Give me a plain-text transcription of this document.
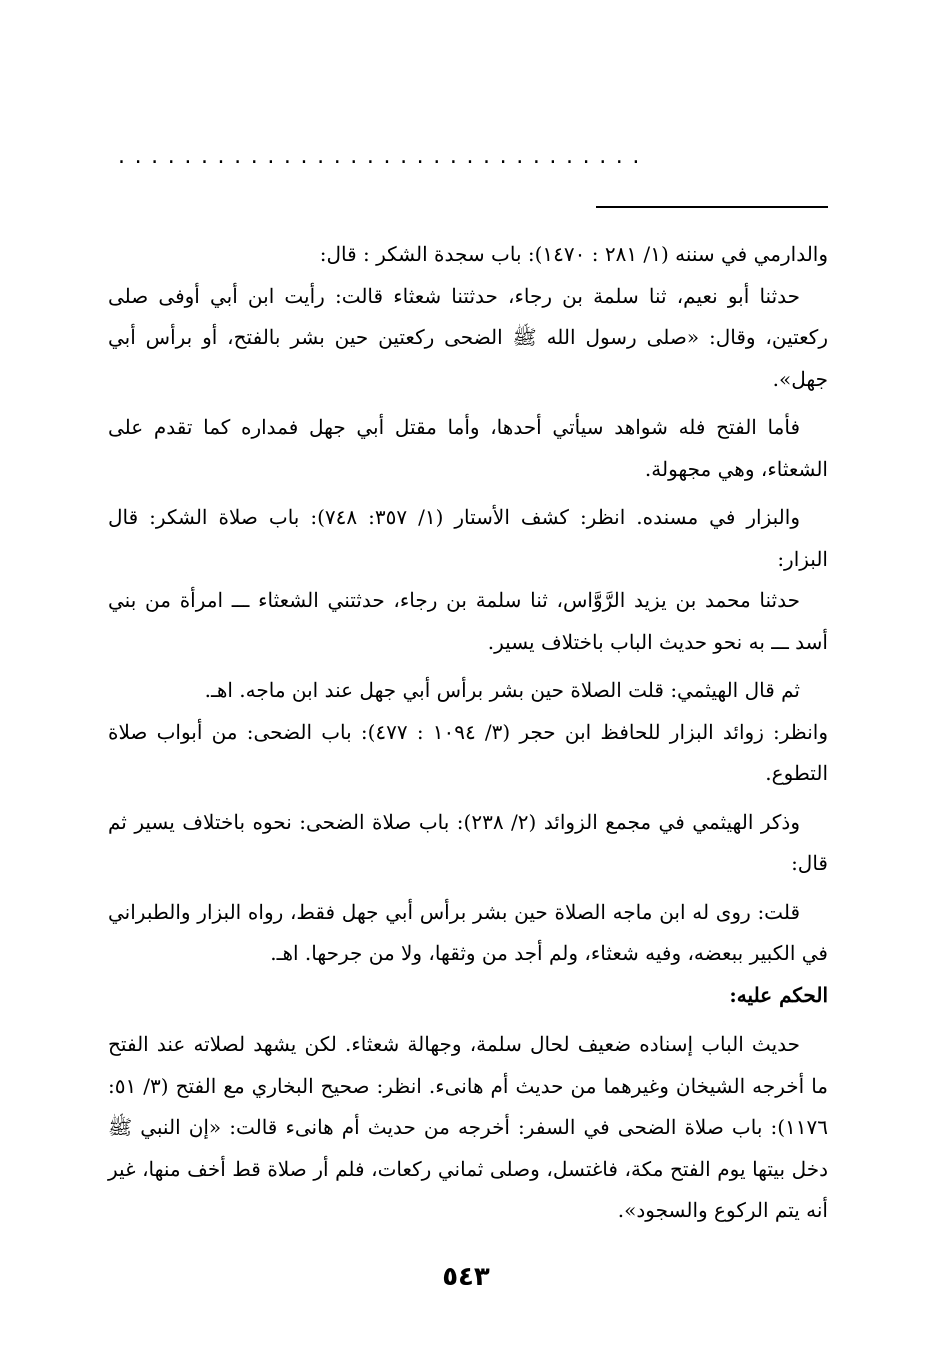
................................

والدارمي في سننه (١/ ٢٨١ : ١٤٧٠): باب سجدة الشكر : قال:

حدثنا أبو نعيم، ثنا سلمة بن رجاء، حدثتنا شعثاء قالت: رأيت ابن أبي أوفى صلى ركعتين، وقال: «صلى رسول الله ﷺ الضحى ركعتين حين بشر بالفتح، أو برأس أبي جهل».

فأما الفتح فله شواهد سيأتي أحدها، وأما مقتل أبي جهل فمداره كما تقدم على الشعثاء، وهي مجهولة.

والبزار في مسنده. انظر: كشف الأستار (١/ ٣٥٧: ٧٤٨): باب صلاة الشكر: قال البزار:

حدثنا محمد بن يزيد الرَّوَّاس، ثنا سلمة بن رجاء، حدثتني الشعثاء ـــ امرأة من بني أسد ـــ به نحو حديث الباب باختلاف يسير.

ثم قال الهيثمي: قلت الصلاة حين بشر برأس أبي جهل عند ابن ماجه. اهـ.

وانظر: زوائد البزار للحافظ ابن حجر (٣/ ١٠٩٤ : ٤٧٧): باب الضحى: من أبواب صلاة التطوع.

وذكر الهيثمي في مجمع الزوائد (٢/ ٢٣٨): باب صلاة الضحى: نحوه باختلاف يسير ثم قال:

قلت: روى له ابن ماجه الصلاة حين بشر برأس أبي جهل فقط، رواه البزار والطبراني في الكبير ببعضه، وفيه شعثاء، ولم أجد من وثقها، ولا من جرحها. اهـ.

الحكم عليه:

حديث الباب إسناده ضعيف لحال سلمة، وجهالة شعثاء. لكن يشهد لصلاته عند الفتح ما أخرجه الشيخان وغيرهما من حديث أم هانىء. انظر: صحيح البخاري مع الفتح (٣/ ٥١: ١١٧٦): باب صلاة الضحى في السفر: أخرجه من حديث أم هانىء قالت: «إن النبي ﷺ دخل بيتها يوم الفتح مكة، فاغتسل، وصلى ثماني ركعات، فلم أر صلاة قط أخف منها، غير أنه يتم الركوع والسجود».

٥٤٣
